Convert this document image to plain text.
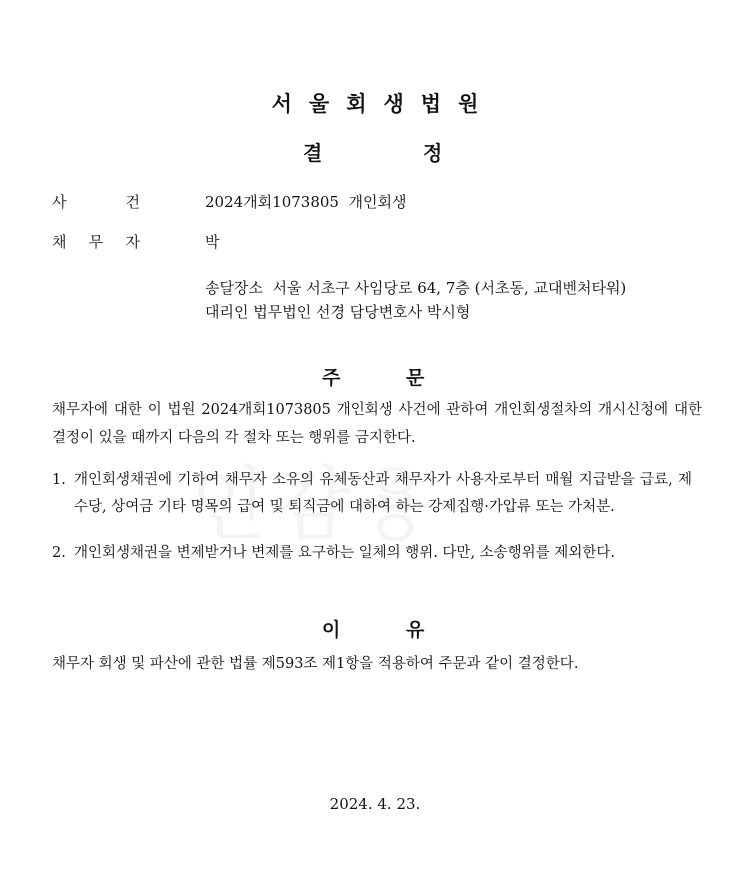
서울회생법원
결	정
사 건	2024개회1073805  개인회생
채 무 자	박
송달장소  서울 서초구 사임당로 64, 7층 (서초동, 교대벤처타워)
대리인 법무법인 선경 담당변호사 박시형
주	문
채무자에 대한 이 법원 2024개회1073805 개인회생 사건에 관하여 개인회생절차의 개시신청에 대한 결정이 있을 때까지 다음의 각 절차 또는 행위를 금지한다.
1. 개인회생채권에 기하여 채무자 소유의 유체동산과 채무자가 사용자로부터 매월 지급받을 급료, 제수당, 상여금 기타 명목의 급여 및 퇴직금에 대하여 하는 강제집행·가압류 또는 가처분.
2. 개인회생채권을 변제받거나 변제를 요구하는 일체의 행위. 다만, 소송행위를 제외한다.
이	유
채무자 회생 및 파산에 관한 법률 제593조 제1항을 적용하여 주문과 같이 결정한다.
2024. 4. 23.
